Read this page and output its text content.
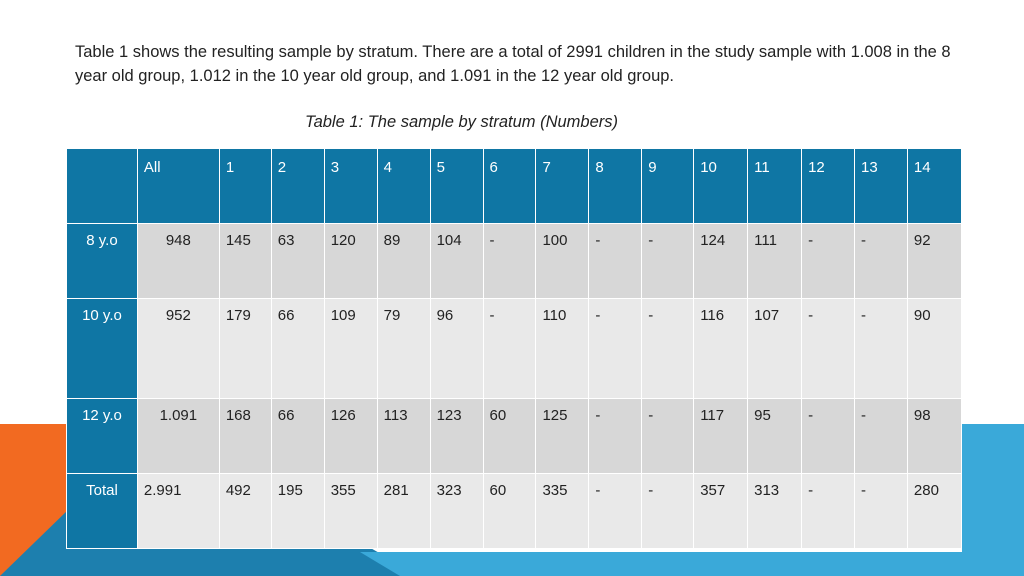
Table 1 shows the resulting sample by stratum. There are a total of 2991 children in the study sample with 1.008 in the 8 year old group, 1.012 in the 10 year old group, and 1.091 in the 12 year old group.
Table 1: The sample by stratum (Numbers)

	All	1	2	3	4	5	6	7	8	9	10	11	12	13	14

8 y.o	948	145	63	120	89	104	-	100	-	-	124	111	-	-	92

10 y.o	952	179	66	109	79	96	-	110	-	-	116	107	-	-	90

12 y.o	1.091	168	66	126	113	123	60	125	-	-	117	95	-	-	98

Total	2.991	492	195	355	281	323	60	335	-	-	357	313	-	-	280
